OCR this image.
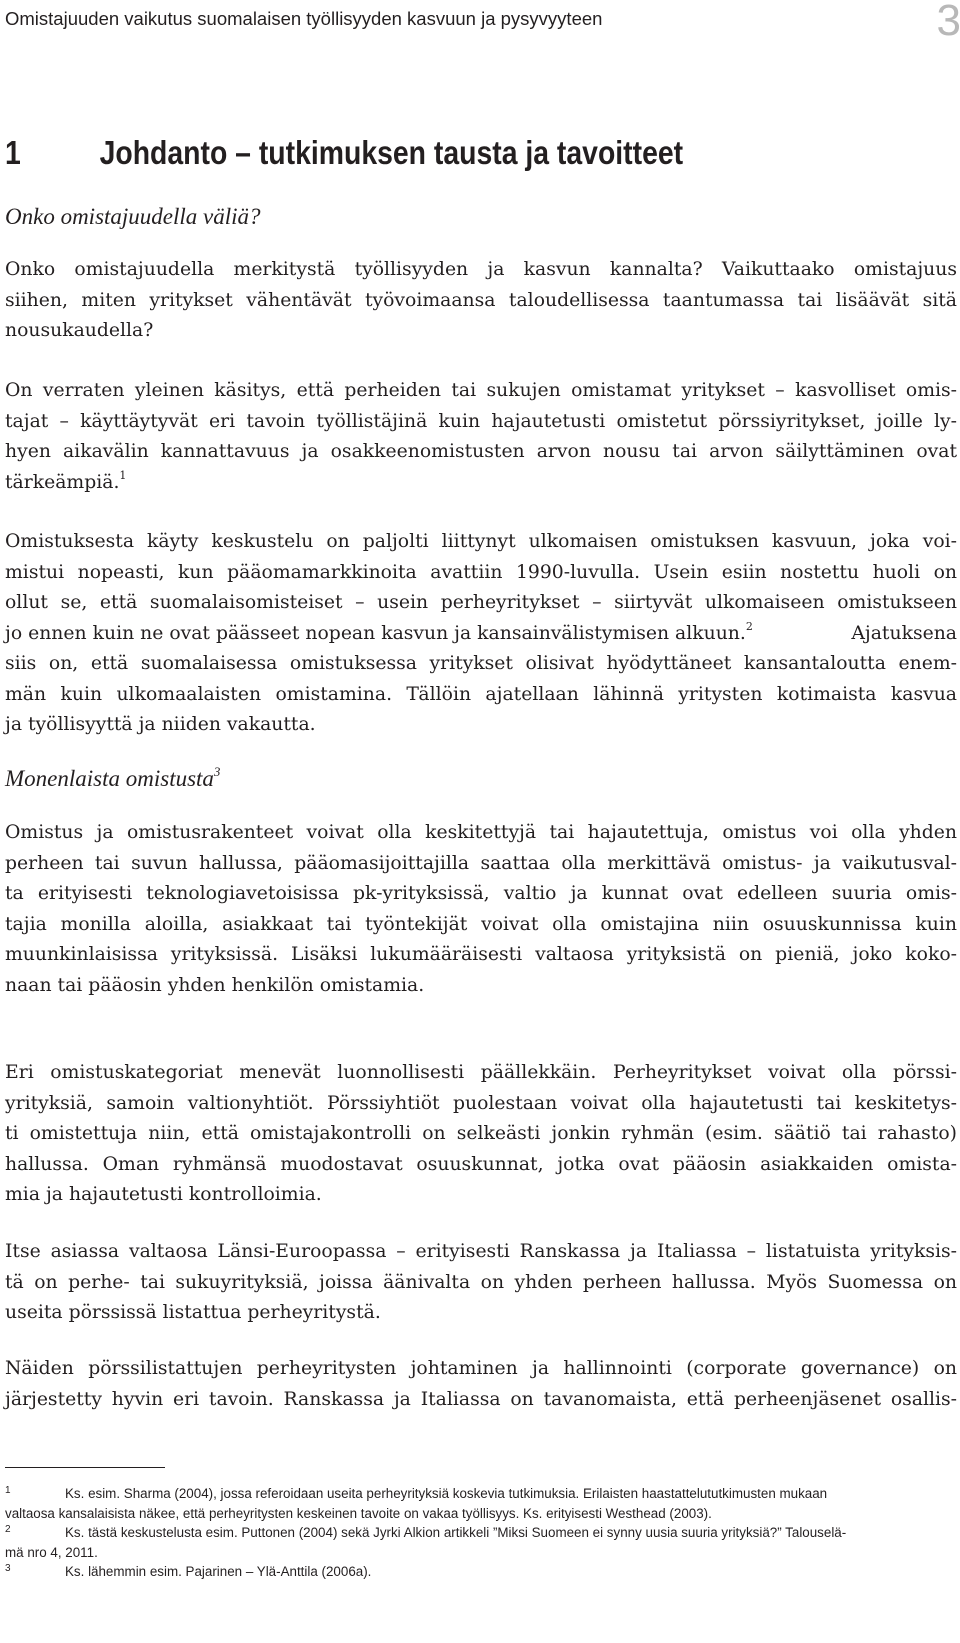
Omistajuuden vaikutus suomalaisen työllisyyden kasvuun ja pysyvyyteen	3
1 Johdanto – tutkimuksen tausta ja tavoitteet
Onko omistajuudella väliä?
Onko omistajuudella merkitystä työllisyyden ja kasvun kannalta? Vaikuttaako omistajuus
siihen, miten yritykset vähentävät työvoimaansa taloudellisessa taantumassa tai lisäävät sitä
nousukaudella?
On verraten yleinen käsitys, että perheiden tai sukujen omistamat yritykset – kasvolliset omis-
tajat – käyttäytyvät eri tavoin työllistäjinä kuin hajautetusti omistetut pörssiyritykset, joille ly-
hyen aikavälin kannattavuus ja osakkeenomistusten arvon nousu tai arvon säilyttäminen ovat
tärkeämpiä.$^1$
Omistuksesta käyty keskustelu on paljolti liittynyt ulkomaisen omistuksen kasvuun, joka voi-
mistui nopeasti, kun pääomamarkkinoita avattiin 1990-luvulla. Usein esiin nostettu huoli on
ollut se, että suomalaisomisteiset – usein perheyritykset – siirtyvät ulkomaiseen omistukseen
jo ennen kuin ne ovat päässeet nopean kasvun ja kansainvälistymisen alkuun.$^2$	Ajatuksena
siis on, että suomalaisessa omistuksessa yritykset olisivat hyödyttäneet kansantaloutta enem-
män kuin ulkomaalaisten omistamina. Tällöin ajatellaan lähinnä yritysten kotimaista kasvua
ja työllisyyttä ja niiden vakautta.
Monenlaista omistusta$^3$
Omistus ja omistusrakenteet voivat olla keskitettyjä tai hajautettuja, omistus voi olla yhden
perheen tai suvun hallussa, pääomasijoittajilla saattaa olla merkittävä omistus- ja vaikutusval-
ta erityisesti teknologiavetoisissa pk-yrityksissä, valtio ja kunnat ovat edelleen suuria omis-
tajia monilla aloilla, asiakkaat tai työntekijät voivat olla omistajina niin osuuskunnissa kuin
muunkinlaisissa yrityksissä. Lisäksi lukumääräisesti valtaosa yrityksistä on pieniä, joko koko-
naan tai pääosin yhden henkilön omistamia.
Eri omistuskategoriat menevät luonnollisesti päällekkäin. Perheyritykset voivat olla pörssi-
yrityksiä, samoin valtionyhtiöt. Pörssiyhtiöt puolestaan voivat olla hajautetusti tai keskitetys-
ti omistettuja niin, että omistajakontrolli on selkeästi jonkin ryhmän (esim. säätiö tai rahasto)
hallussa. Oman ryhmänsä muodostavat osuuskunnat, jotka ovat pääosin asiakkaiden omista-
mia ja hajautetusti kontrolloimia.
Itse asiassa valtaosa Länsi-Euroopassa – erityisesti Ranskassa ja Italiassa – listatuista yrityksis-
tä on perhe- tai sukuyrityksiä, joissa äänivalta on yhden perheen hallussa. Myös Suomessa on
useita pörssissä listattua perheyritystä.
Näiden pörssilistattujen perheyritysten johtaminen ja hallinnointi (corporate governance) on
järjestetty hyvin eri tavoin. Ranskassa ja Italiassa on tavanomaista, että perheenjäsenet osallis-
1	Ks. esim. Sharma (2004), jossa referoidaan useita perheyrityksiä koskevia tutkimuksia. Erilaisten haastattelututkimusten mukaan
valtaosa kansalaisista näkee, että perheyritysten keskeinen tavoite on vakaa työllisyys. Ks. erityisesti Westhead (2003).
2	Ks. tästä keskustelusta esim. Puttonen (2004) sekä Jyrki Alkion artikkeli ”Miksi Suomeen ei synny uusia suuria yrityksiä?” Talouselä-
mä nro 4, 2011.
3	Ks. lähemmin esim. Pajarinen – Ylä-Anttila (2006a).
